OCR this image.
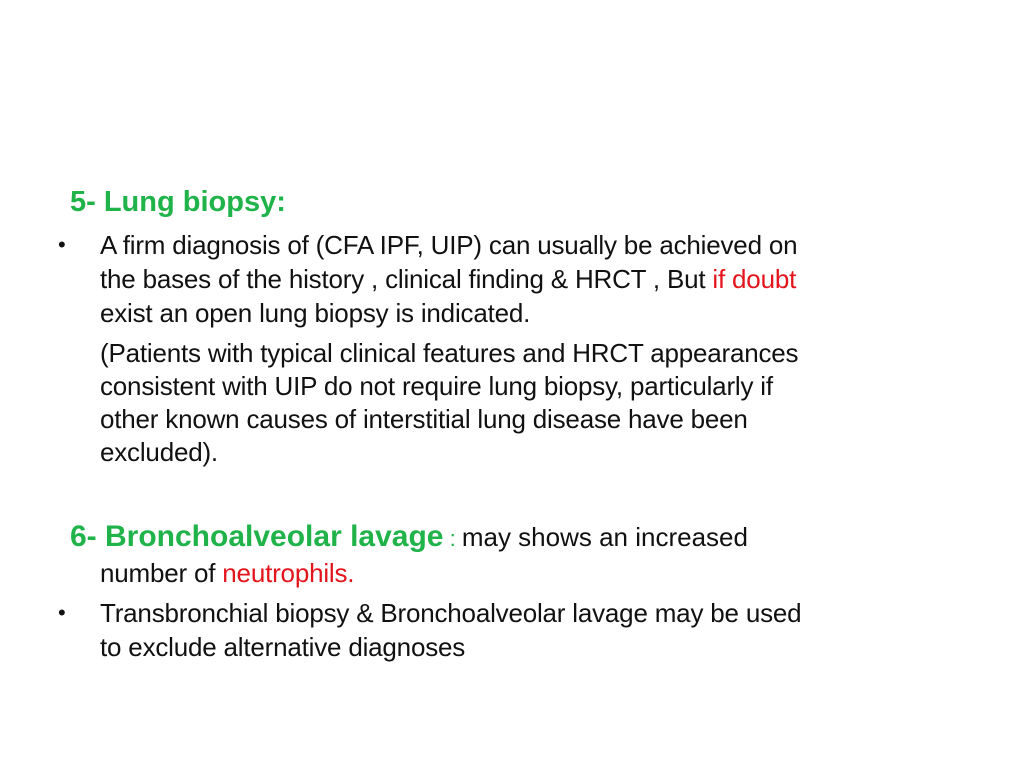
5- Lung biopsy:
• A firm diagnosis of (CFA IPF, UIP) can usually be achieved on
the bases of the history , clinical finding & HRCT , But if doubt
exist an open lung biopsy is indicated.
(Patients with typical clinical features and HRCT appearances
consistent with UIP do not require lung biopsy, particularly if
other known causes of interstitial lung disease have been
excluded).
6- Bronchoalveolar lavage : may shows an increased
number of neutrophils.
• Transbronchial biopsy & Bronchoalveolar lavage may be used
to exclude alternative diagnoses
